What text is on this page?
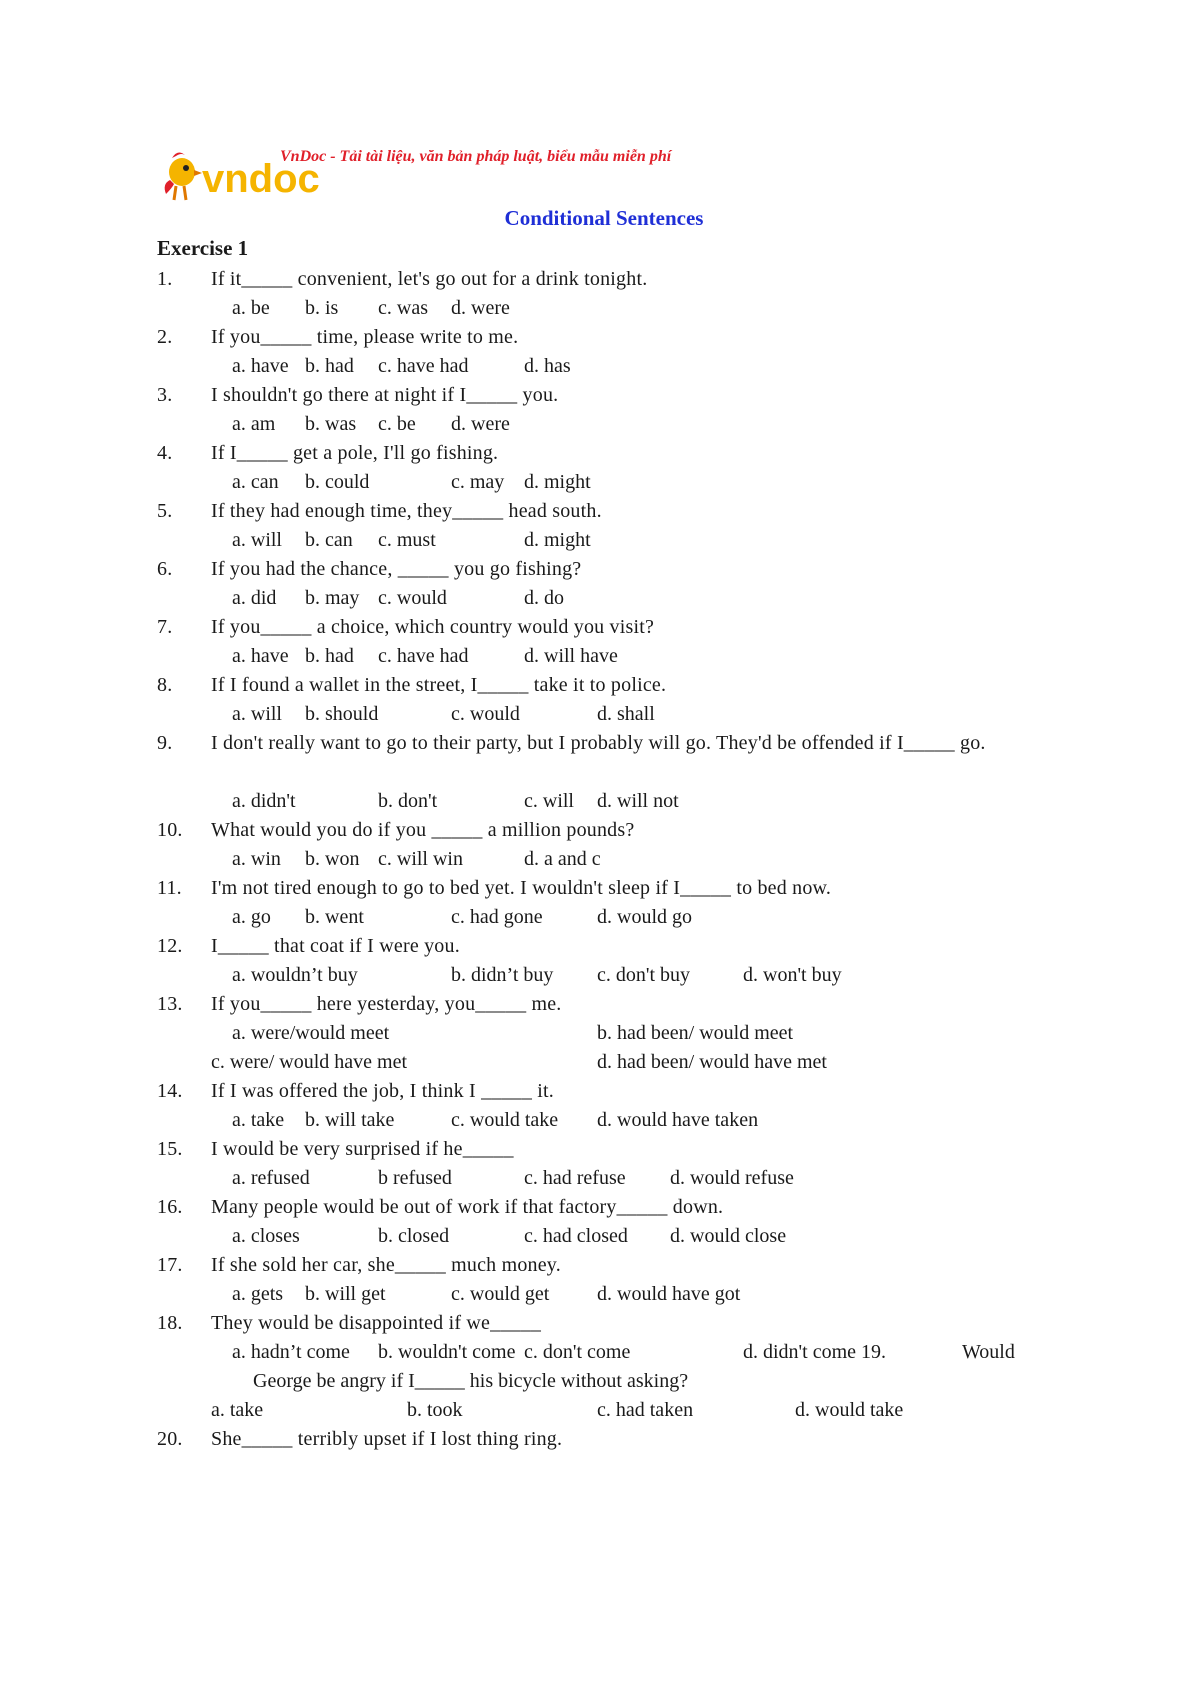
vndoc
VnDoc - Tải tài liệu, văn bản pháp luật, biểu mẫu miễn phí
Conditional Sentences
Exercise 1
1. If it_____ convenient, let's go out for a drink tonight.
a. be b. is c. was d. were
2. If you_____ time, please write to me.
a. have b. had c. have had	d. has
3. I shouldn't go there at night if I_____ you.
a. am b. was c. be d. were
4. If I_____ get a pole, I'll go fishing.
a. can b. could	c. may d. might
5. If they had enough time, they_____ head south.
a. will b. can c. must	d. might
6. If you had the chance, _____ you go fishing?
a. did b. may c. would	d. do
7. If you_____ a choice, which country would you visit?
a. have b. had c. have had	d. will have
8. If I found a wallet in the street, I_____ take it to police.
a. will b. should	c. would	d. shall
9. I don't really want to go to their party, but I probably will go. They'd be offended if I_____ go.
a. didn't	b. don't	c. will d. will not
10. What would you do if you _____ a million pounds?
a. win b. won c. will win	d. a and c
11. I'm not tired enough to go to bed yet. I wouldn't sleep if I_____ to bed now.
a. go b. went	c. had gone	d. would go
12. I_____ that coat if I were you.
a. wouldn’t buy	b. didn’t buy c. don't buy	d. won't buy
13. If you_____ here yesterday, you_____ me.
a. were/would meet	b. had been/ would meet
c. were/ would have met	d. had been/ would have met
14. If I was offered the job, I think I _____ it.
a. take b. will take	c. would take d. would have taken
15. I would be very surprised if he_____
a. refused	b refused	c. had refuse d. would refuse
16. Many people would be out of work if that factory_____ down.
a. closes	b. closed	c. had closed d. would close
17. If she sold her car, she_____ much money.
a. gets b. will get	c. would get d. would have got
18. They would be disappointed if we_____
a. hadn’t come b. wouldn't come c. don't come	d. didn't come 19.	Would
George be angry if I_____ his bicycle without asking?
a. take	b. took	c. had taken	d. would take
20. She_____ terribly upset if I lost thing ring.
